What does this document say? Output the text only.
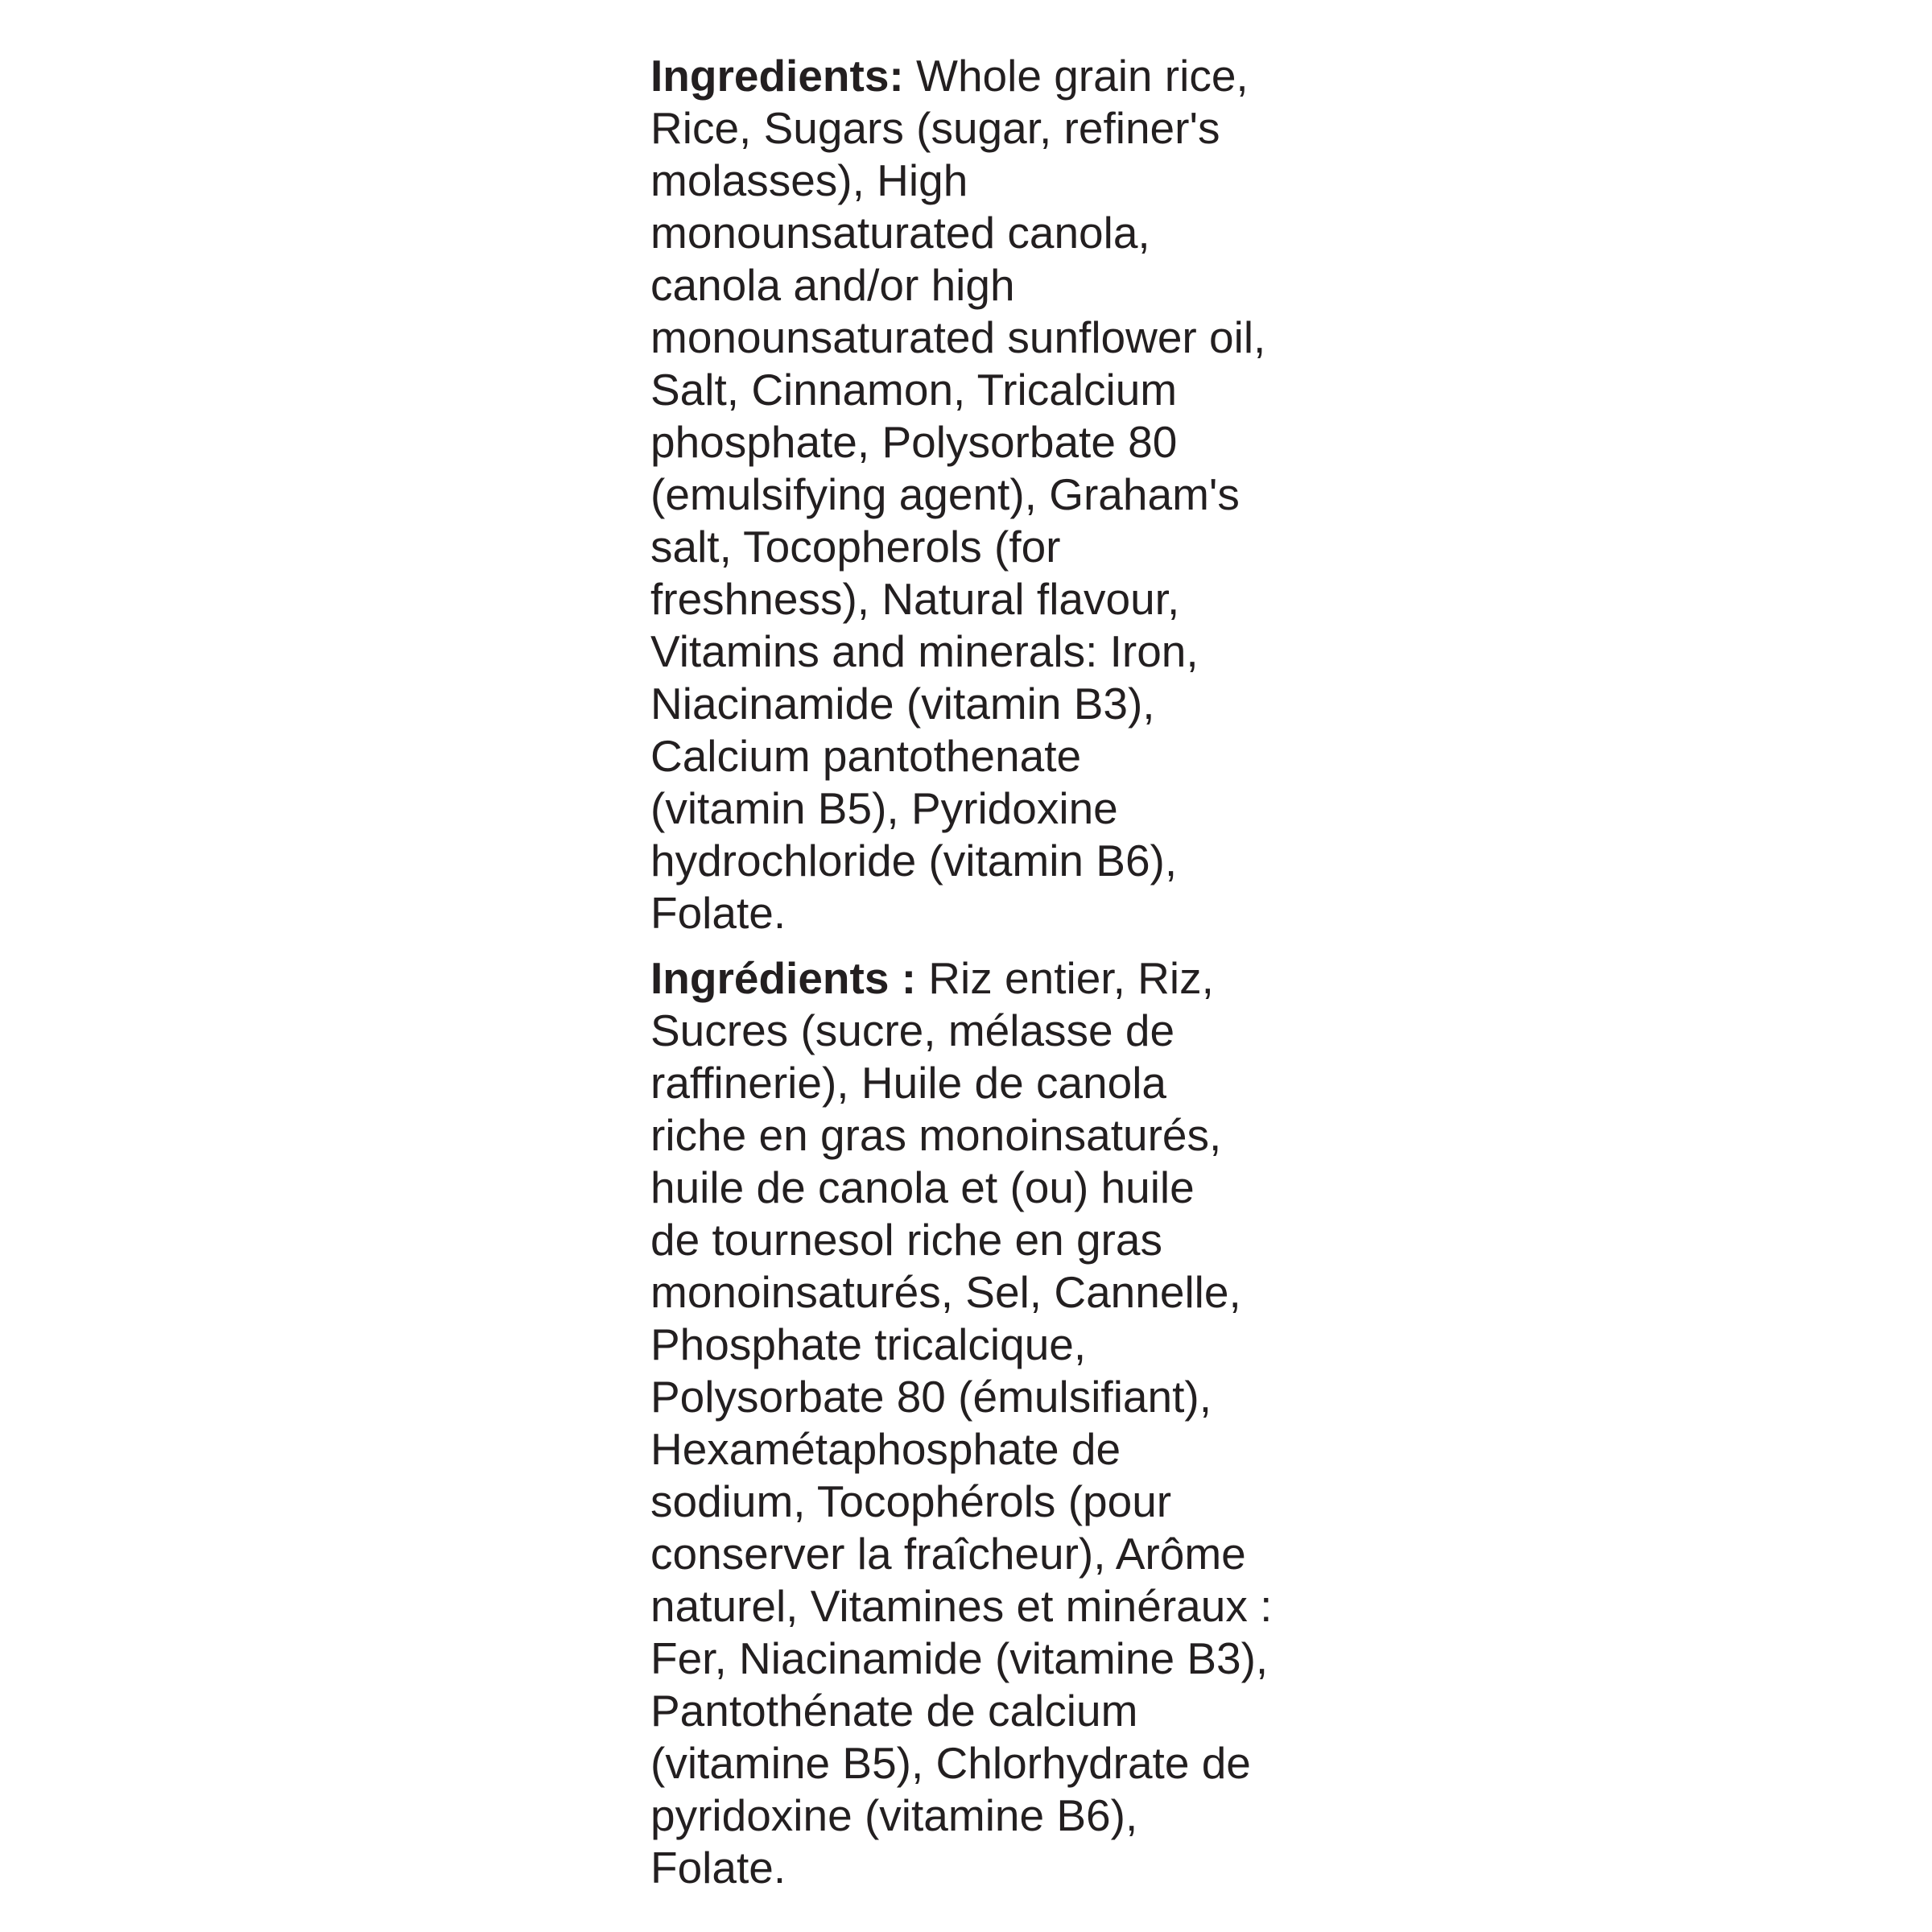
Ingredients: Whole grain rice,
Rice, Sugars (sugar, refiner's
molasses), High
monounsaturated canola,
canola and/or high
monounsaturated sunflower oil,
Salt, Cinnamon, Tricalcium
phosphate, Polysorbate 80
(emulsifying agent), Graham's
salt, Tocopherols (for
freshness), Natural flavour,
Vitamins and minerals: Iron,
Niacinamide (vitamin B3),
Calcium pantothenate
(vitamin B5), Pyridoxine
hydrochloride (vitamin B6),
Folate.
Ingrédients : Riz entier, Riz,
Sucres (sucre, mélasse de
raffinerie), Huile de canola
riche en gras monoinsaturés,
huile de canola et (ou) huile
de tournesol riche en gras
monoinsaturés, Sel, Cannelle,
Phosphate tricalcique,
Polysorbate 80 (émulsifiant),
Hexamétaphosphate de
sodium, Tocophérols (pour
conserver la fraîcheur), Arôme
naturel, Vitamines et minéraux :
Fer, Niacinamide (vitamine B3),
Pantothénate de calcium
(vitamine B5), Chlorhydrate de
pyridoxine (vitamine B6),
Folate.
